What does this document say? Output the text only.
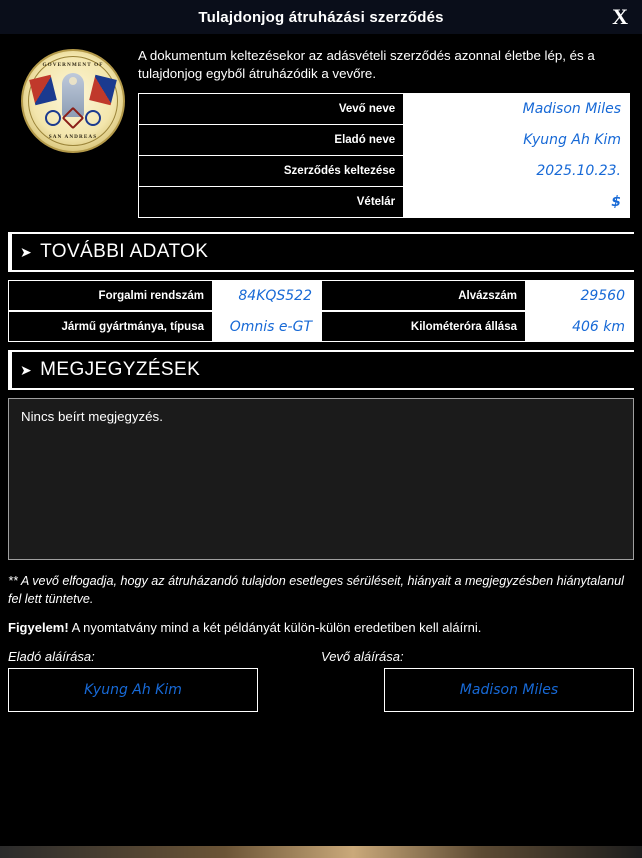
Tulajdonjog átruházási szerződés	X
GOVERNMENT OF
SAN ANDREAS
A dokumentum keltezésekor az adásvételi szerződés azonnal életbe lép, és a tulajdonjog egyből átruházódik a vevőre.
Vevő neve	Madison Miles
Eladó neve	Kyung Ah Kim
Szerződés keltezése	2025.10.23.
Vételár	$
➤ TOVÁBBI ADATOK
Forgalmi rendszám	84KQS522	Alvázszám	29560
Jármű gyártmánya, típusa	Omnis e-GT	Kilométeróra állása	406 km
➤ MEGJEGYZÉSEK
Nincs beírt megjegyzés.
** A vevő elfogadja, hogy az átruházandó tulajdon esetleges sérüléseit, hiányait a megjegyzésben hiánytalanul fel lett tüntetve.
Figyelem! A nyomtatvány mind a két példányát külön-külön eredetiben kell aláírni.
Eladó aláírása:	Vevő aláírása:
Kyung Ah Kim	Madison Miles
